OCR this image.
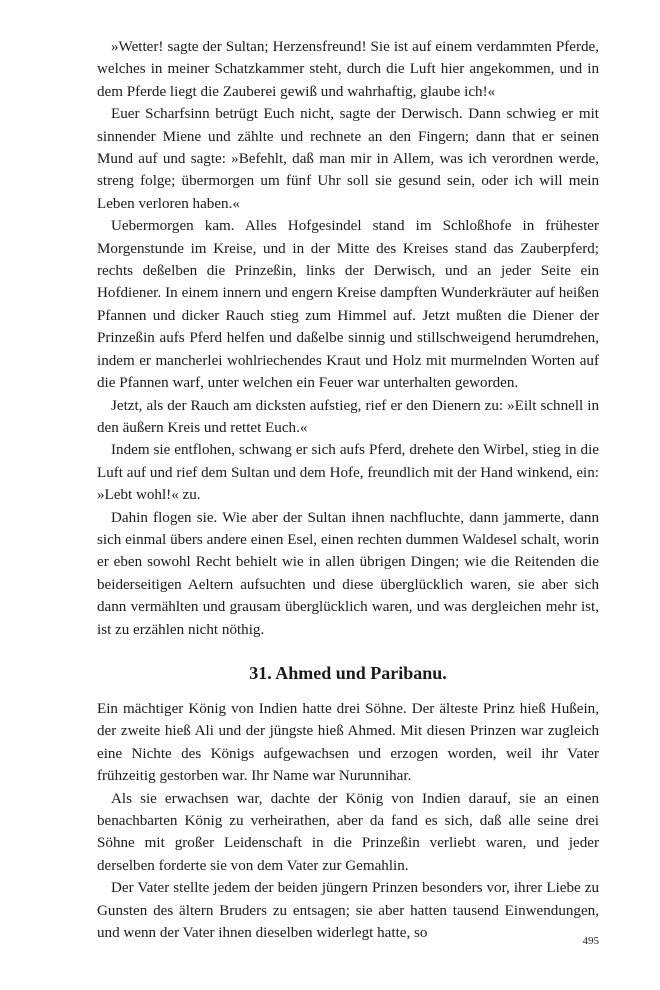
»Wetter! sagte der Sultan; Herzensfreund! Sie ist auf einem verdammten Pferde, welches in meiner Schatzkammer steht, durch die Luft hier angekommen, und in dem Pferde liegt die Zauberei gewiß und wahrhaftig, glaube ich!«

Euer Scharfsinn betrügt Euch nicht, sagte der Derwisch. Dann schwieg er mit sinnender Miene und zählte und rechnete an den Fingern; dann that er seinen Mund auf und sagte: »Befehlt, daß man mir in Allem, was ich verordnen werde, streng folge; übermorgen um fünf Uhr soll sie gesund sein, oder ich will mein Leben verloren haben.«

Uebermorgen kam. Alles Hofgesindel stand im Schloßhofe in frühester Morgenstunde im Kreise, und in der Mitte des Kreises stand das Zauberpferd; rechts deßelben die Prinzeßin, links der Derwisch, und an jeder Seite ein Hofdiener. In einem innern und engern Kreise dampften Wunderkräuter auf heißen Pfannen und dicker Rauch stieg zum Himmel auf. Jetzt mußten die Diener der Prinzeßin aufs Pferd helfen und daßelbe sinnig und stillschweigend herumdrehen, indem er mancherlei wohlriechendes Kraut und Holz mit murmelnden Worten auf die Pfannen warf, unter welchen ein Feuer war unterhalten geworden.

Jetzt, als der Rauch am dicksten aufstieg, rief er den Dienern zu: »Eilt schnell in den äußern Kreis und rettet Euch.«

Indem sie entflohen, schwang er sich aufs Pferd, drehete den Wirbel, stieg in die Luft auf und rief dem Sultan und dem Hofe, freundlich mit der Hand winkend, ein: »Lebt wohl!« zu.

Dahin flogen sie. Wie aber der Sultan ihnen nachfluchte, dann jammerte, dann sich einmal übers andere einen Esel, einen rechten dummen Waldesel schalt, worin er eben sowohl Recht behielt wie in allen übrigen Dingen; wie die Reitenden die beiderseitigen Aeltern aufsuchten und diese überglücklich waren, sie aber sich dann vermählten und grausam überglücklich waren, und was dergleichen mehr ist, ist zu erzählen nicht nöthig.

31. Ahmed und Paribanu.

Ein mächtiger König von Indien hatte drei Söhne. Der älteste Prinz hieß Hußein, der zweite hieß Ali und der jüngste hieß Ahmed. Mit diesen Prinzen war zugleich eine Nichte des Königs aufgewachsen und erzogen worden, weil ihr Vater frühzeitig gestorben war. Ihr Name war Nurunnihar.

Als sie erwachsen war, dachte der König von Indien darauf, sie an einen benachbarten König zu verheirathen, aber da fand es sich, daß alle seine drei Söhne mit großer Leidenschaft in die Prinzeßin verliebt waren, und jeder derselben forderte sie von dem Vater zur Gemahlin.

Der Vater stellte jedem der beiden jüngern Prinzen besonders vor, ihrer Liebe zu Gunsten des ältern Bruders zu entsagen; sie aber hatten tausend Einwendungen, und wenn der Vater ihnen dieselben widerlegt hatte, so	495
